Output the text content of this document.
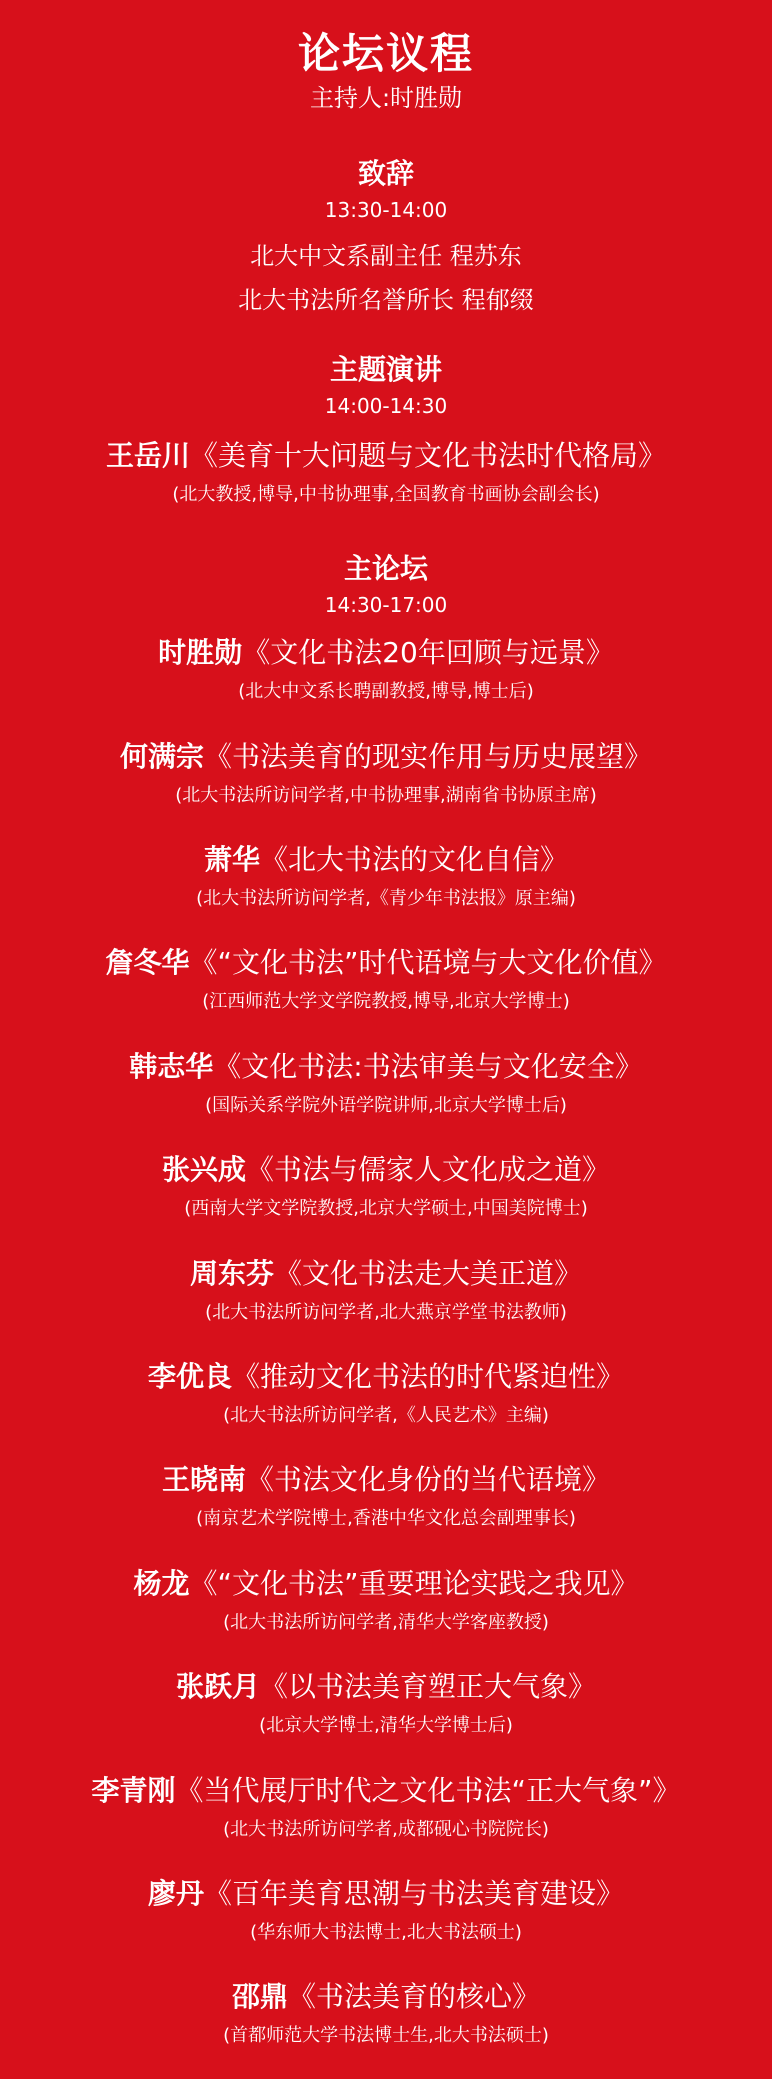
论坛议程
主持人:时胜勋
致辞
13:30-14:00
北大中文系副主任 程苏东
北大书法所名誉所长 程郁缀
主题演讲
14:00-14:30
王岳川《美育十大问题与文化书法时代格局》
(北大教授,博导,中书协理事,全国教育书画协会副会长)
主论坛
14:30-17:00
时胜勋《文化书法20年回顾与远景》
(北大中文系长聘副教授,博导,博士后)
何满宗《书法美育的现实作用与历史展望》
(北大书法所访问学者,中书协理事,湖南省书协原主席)
萧华《北大书法的文化自信》
(北大书法所访问学者,《青少年书法报》原主编)
詹冬华《“文化书法”时代语境与大文化价值》
(江西师范大学文学院教授,博导,北京大学博士)
韩志华《文化书法:书法审美与文化安全》
(国际关系学院外语学院讲师,北京大学博士后)
张兴成《书法与儒家人文化成之道》
(西南大学文学院教授,北京大学硕士,中国美院博士)
周东芬《文化书法走大美正道》
(北大书法所访问学者,北大燕京学堂书法教师)
李优良《推动文化书法的时代紧迫性》
(北大书法所访问学者,《人民艺术》主编)
王晓南《书法文化身份的当代语境》
(南京艺术学院博士,香港中华文化总会副理事长)
杨龙《“文化书法”重要理论实践之我见》
(北大书法所访问学者,清华大学客座教授)
张跃月《以书法美育塑正大气象》
(北京大学博士,清华大学博士后)
李青刚《当代展厅时代之文化书法“正大气象”》
(北大书法所访问学者,成都砚心书院院长)
廖丹《百年美育思潮与书法美育建设》
(华东师大书法博士,北大书法硕士)
邵鼎《书法美育的核心》
(首都师范大学书法博士生,北大书法硕士)
